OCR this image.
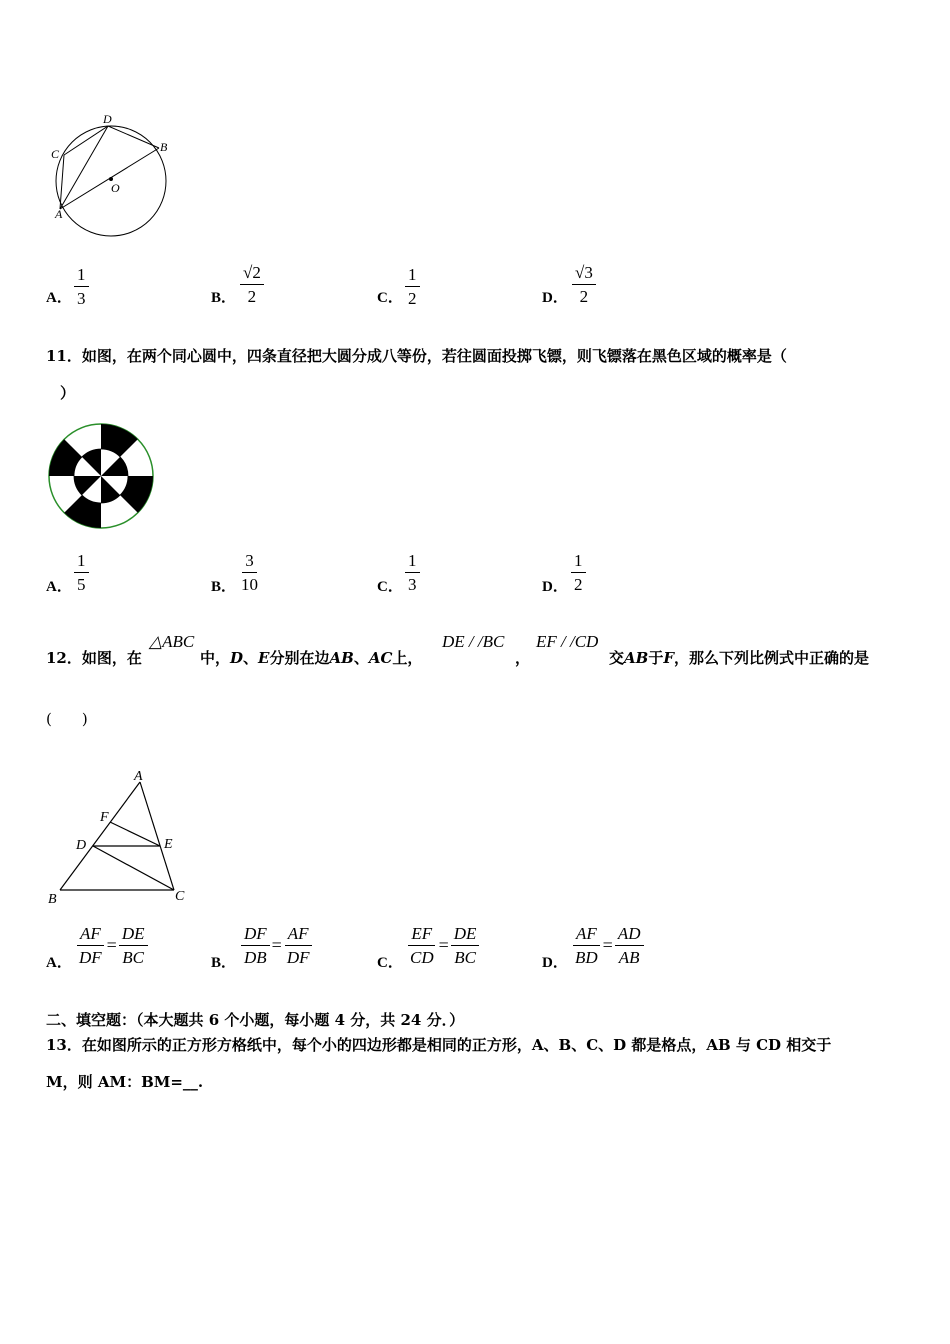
D
B
C
O
A
A． $\frac{1}{3}$	B． $\frac{√2}{2}$	C． $\frac{1}{2}$	D． $\frac{√3}{2}$
11．如图，在两个同心圆中，四条直径把大圆分成八等份，若往圆面投掷飞镖，则飞镖落在黑色区域的概率是（
）
A． $\frac{1}{5}$	B． $\frac{3}{10}$	C． $\frac{1}{3}$	D． $\frac{1}{2}$
12．如图，在
△ABC
中，D、E分别在边AB、AC上，
DE / /BC
，
EF / /CD
交AB于F，那么下列比例式中正确的是
(　　)
A
F
D	E
B	C
A． $\frac{AF}{DF} = \frac{DE}{BC}$	B． $\frac{DF}{DB} = \frac{AF}{DF}$	C． $\frac{EF}{CD} = \frac{DE}{BC}$	D． $\frac{AF}{BD} = \frac{AD}{AB}$
二、填空题：（本大题共 6 个小题，每小题 4 分，共 24 分．）
13．在如图所示的正方形方格纸中，每个小的四边形都是相同的正方形，A、B、C、D 都是格点，AB 与 CD 相交于
M，则 AM：BM=__.
